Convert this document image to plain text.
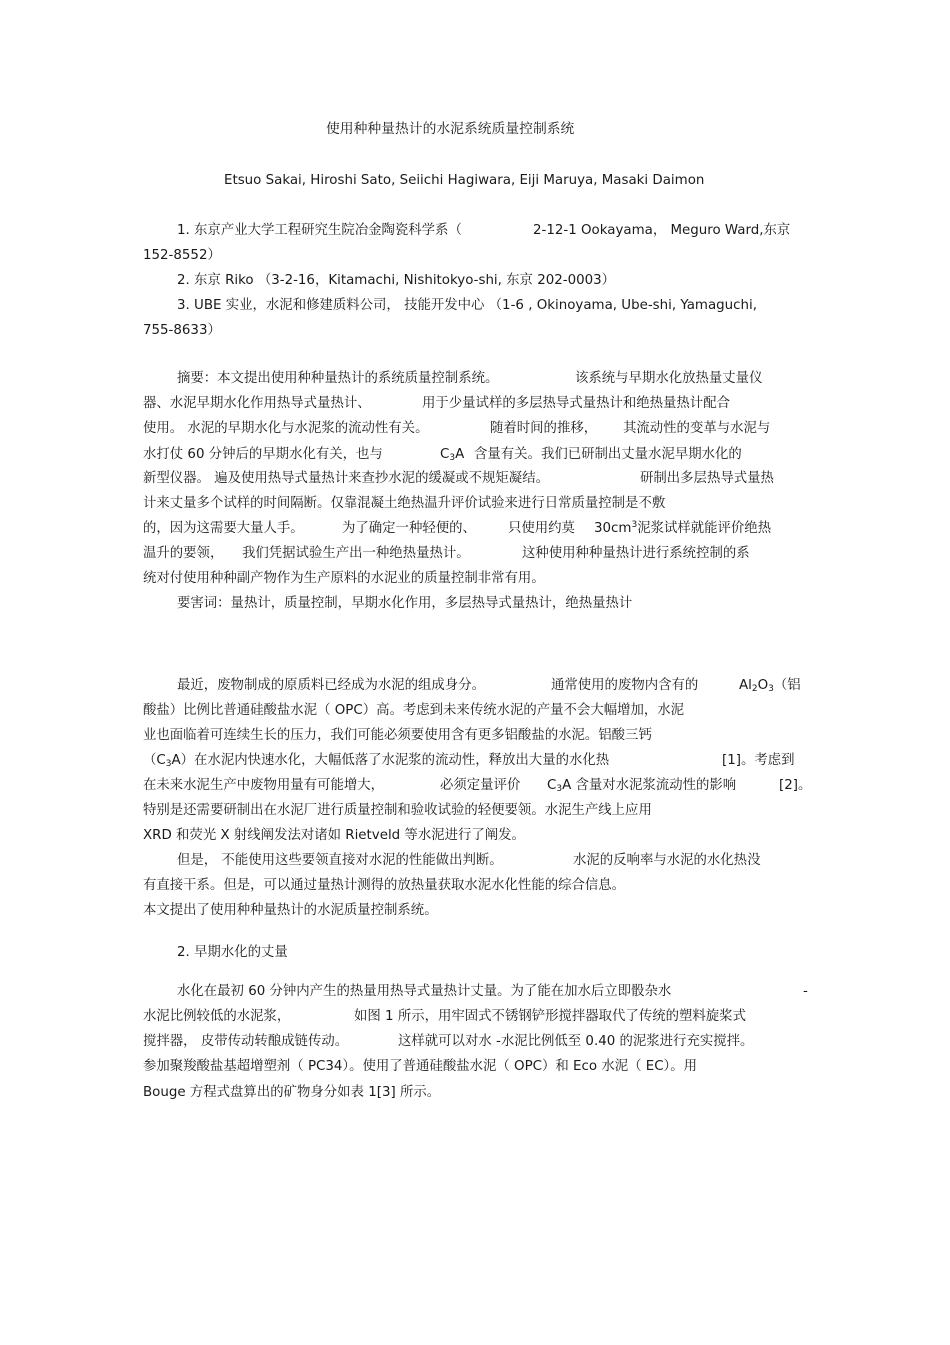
使用种种量热计的水泥系统质量控制系统
Etsuo Sakai, Hiroshi Sato, Seiichi Hagiwara, Eiji Maruya, Masaki Daimon
1. 东京产业大学工程研究生院冶金陶瓷科学系（	2-12-1 Ookayama， Meguro Ward,东京
152-8552）
2. 东京 Riko （3-2-16，Kitamachi, Nishitokyo-shi, 东京 202-0003）
3. UBE 实业，水泥和修建质料公司， 技能开发中心 （1-6 , Okinoyama, Ube-shi, Yamaguchi,
755-8633）
摘要：本文提出使用种种量热计的系统质量控制系统。	该系统与早期水化放热量丈量仪
器、水泥早期水化作用热导式量热计、	用于少量试样的多层热导式量热计和绝热量热计配合
使用。 水泥的早期水化与水泥浆的流动性有关。	随着时间的推移， 其流动性的变革与水泥与
水打仗 60 分钟后的早期水化有关，也与	$C_3A$ 含量有关。我们已研制出丈量水泥早期水化的
新型仪器。 遍及使用热导式量热计来查抄水泥的缓凝或不规矩凝结。	研制出多层热导式量热
计来丈量多个试样的时间隔断。仅靠混凝土绝热温升评价试验来进行日常质量控制是不敷
的，因为这需要大量人手。	为了确定一种轻便的、 只使用约莫 $30cm^3$泥浆试样就能评价绝热
温升的要领， 我们凭据试验生产出一种绝热量热计。	这种使用种种量热计进行系统控制的系
统对付使用种种副产物作为生产原料的水泥业的质量控制非常有用。
要害词：量热计，质量控制，早期水化作用，多层热导式量热计，绝热量热计
最近，废物制成的原质料已经成为水泥的组成身分。	通常使用的废物内含有的	$Al_2O_3$（铝
酸盐）比例比普通硅酸盐水泥（ OPC）高。考虑到未来传统水泥的产量不会大幅增加，水泥
业也面临着可连续生长的压力，我们可能必须要使用含有更多铝酸盐的水泥。铝酸三钙
$(C_3A)$在水泥内快速水化，大幅低落了水泥浆的流动性，释放出大量的水化热	[1]。考虑到
在未来水泥生产中废物用量有可能增大，	必须定量评价 $C_3A$ 含量对水泥浆流动性的影响	[2]。
特别是还需要研制出在水泥厂进行质量控制和验收试验的轻便要领。水泥生产线上应用
XRD 和荧光 X 射线阐发法对诸如 Rietveld 等水泥进行了阐发。
但是， 不能使用这些要领直接对水泥的性能做出判断。	水泥的反响率与水泥的水化热没
有直接干系。但是，可以通过量热计测得的放热量获取水泥水化性能的综合信息。
本文提出了使用种种量热计的水泥质量控制系统。
2. 早期水化的丈量
水化在最初 60 分钟内产生的热量用热导式量热计丈量。为了能在加水后立即骰杂水	-
水泥比例较低的水泥浆，	如图 1 所示，用牢固式不锈钢铲形搅拌器取代了传统的塑料旋桨式
搅拌器， 皮带传动转酿成链传动。	这样就可以对水 -水泥比例低至 0.40 的泥浆进行充实搅拌。
参加聚羧酸盐基超增塑剂（ PC34）。使用了普通硅酸盐水泥（ OPC）和 Eco 水泥（ EC）。用
Bouge 方程式盘算出的矿物身分如表 1[3] 所示。
